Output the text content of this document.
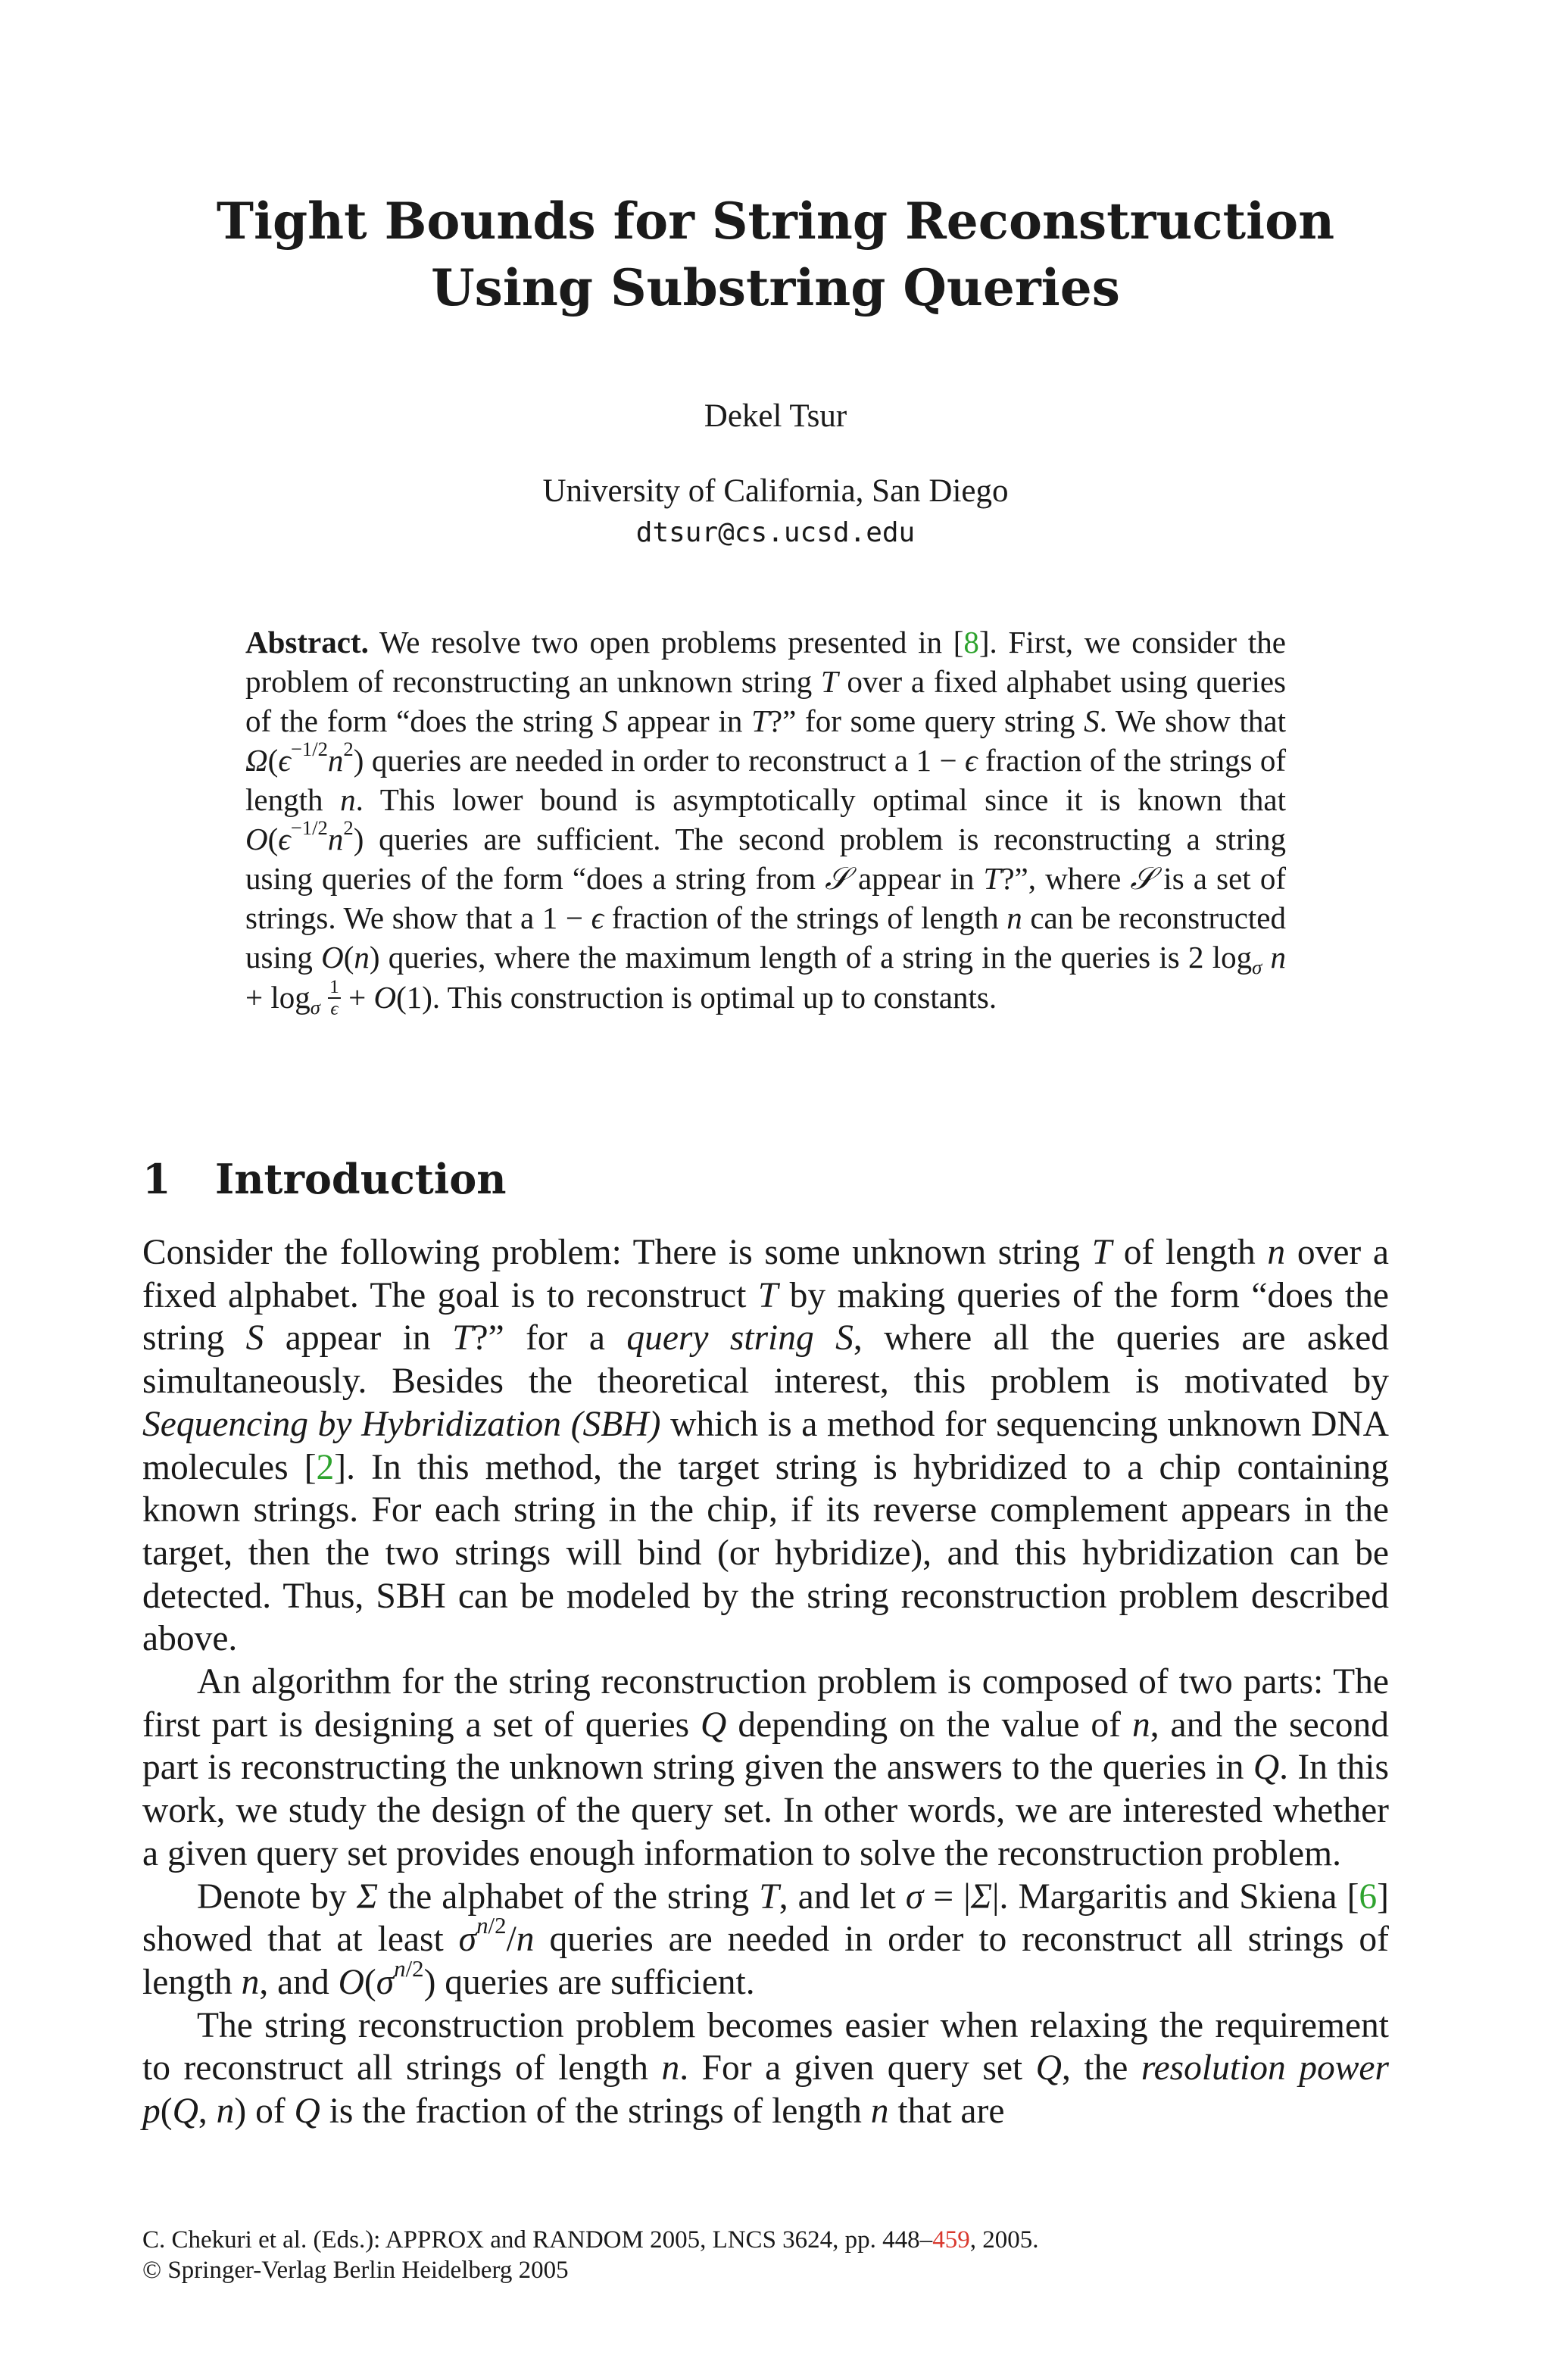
Tight Bounds for String Reconstruction
Using Substring Queries
Dekel Tsur
University of California, San Diego
dtsur@cs.ucsd.edu

Abstract. We resolve two open problems presented in [8]. First, we consider the problem of reconstructing an unknown string T over a fixed alphabet using queries of the form “does the string S appear in T?” for some query string S. We show that $\Omega(\epsilon^{-1/2}n^2)$ queries are needed in order to reconstruct a 1 − ϵ fraction of the strings of length n. This lower bound is asymptotically optimal since it is known that $O(\epsilon^{-1/2}n^2)$ queries are sufficient. The second problem is reconstructing a string using queries of the form “does a string from 𝒮 appear in T?”, where 𝒮 is a set of strings. We show that a 1 − ϵ fraction of the strings of length n can be reconstructed using O(n) queries, where the maximum length of a string in the queries is 2 $\log_\sigma n + \log_\sigma \frac{1}{\epsilon} + O(1)$. This construction is optimal up to constants.

1 Introduction

Consider the following problem: There is some unknown string T of length n over a fixed alphabet. The goal is to reconstruct T by making queries of the form “does the string S appear in T?” for a query string S, where all the queries are asked simultaneously. Besides the theoretical interest, this problem is motivated by Sequencing by Hybridization (SBH) which is a method for sequencing unknown DNA molecules [2]. In this method, the target string is hybridized to a chip containing known strings. For each string in the chip, if its reverse complement appears in the target, then the two strings will bind (or hybridize), and this hybridization can be detected. Thus, SBH can be modeled by the string reconstruction problem described above.

An algorithm for the string reconstruction problem is composed of two parts: The first part is designing a set of queries Q depending on the value of n, and the second part is reconstructing the unknown string given the answers to the queries in Q. In this work, we study the design of the query set. In other words, we are interested whether a given query set provides enough information to solve the reconstruction problem.

Denote by Σ the alphabet of the string T, and let σ = |Σ|. Margaritis and Skiena [6] showed that at least $\sigma^{n/2}/n$ queries are needed in order to reconstruct all strings of length n, and $O(\sigma^{n/2})$ queries are sufficient.

The string reconstruction problem becomes easier when relaxing the requirement to reconstruct all strings of length n. For a given query set Q, the resolution power p(Q, n) of Q is the fraction of the strings of length n that are

C. Chekuri et al. (Eds.): APPROX and RANDOM 2005, LNCS 3624, pp. 448–459, 2005.

© Springer-Verlag Berlin Heidelberg 2005
